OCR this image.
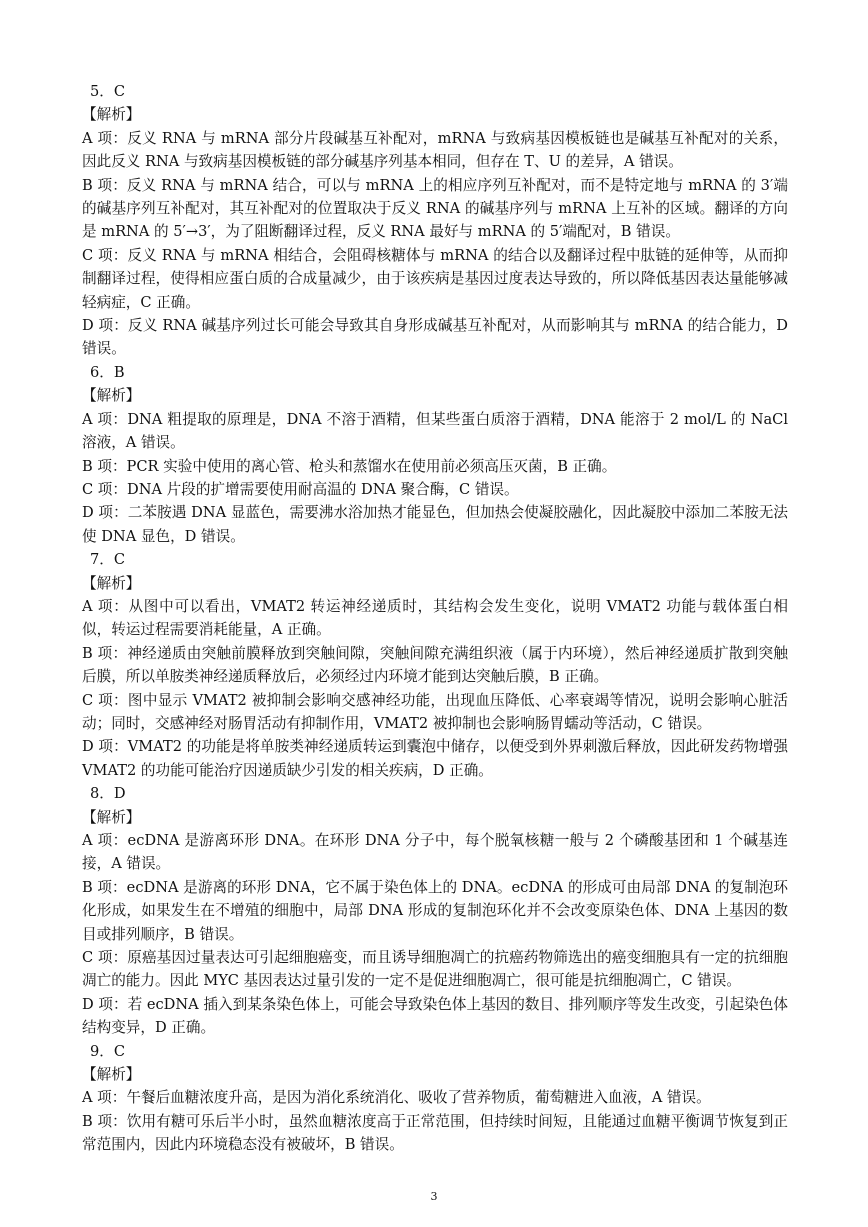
5．C
【解析】
A 项：反义 RNA 与 mRNA 部分片段碱基互补配对，mRNA 与致病基因模板链也是碱基互补配对的关系，因此反义 RNA 与致病基因模板链的部分碱基序列基本相同，但存在 T、U 的差异，A 错误。
B 项：反义 RNA 与 mRNA 结合，可以与 mRNA 上的相应序列互补配对，而不是特定地与 mRNA 的 3′端的碱基序列互补配对，其互补配对的位置取决于反义 RNA 的碱基序列与 mRNA 上互补的区域。翻译的方向是 mRNA 的 5′→3′，为了阻断翻译过程，反义 RNA 最好与 mRNA 的 5′端配对，B 错误。
C 项：反义 RNA 与 mRNA 相结合，会阻碍核糖体与 mRNA 的结合以及翻译过程中肽链的延伸等，从而抑制翻译过程，使得相应蛋白质的合成量减少，由于该疾病是基因过度表达导致的，所以降低基因表达量能够减轻病症，C 正确。
D 项：反义 RNA 碱基序列过长可能会导致其自身形成碱基互补配对，从而影响其与 mRNA 的结合能力，D 错误。
6．B
【解析】
A 项：DNA 粗提取的原理是，DNA 不溶于酒精，但某些蛋白质溶于酒精，DNA 能溶于 2 mol/L 的 NaCl 溶液，A 错误。
B 项：PCR 实验中使用的离心管、枪头和蒸馏水在使用前必须高压灭菌，B 正确。
C 项：DNA 片段的扩增需要使用耐高温的 DNA 聚合酶，C 错误。
D 项：二苯胺遇 DNA 显蓝色，需要沸水浴加热才能显色，但加热会使凝胶融化，因此凝胶中添加二苯胺无法使 DNA 显色，D 错误。
7．C
【解析】
A 项：从图中可以看出，VMAT2 转运神经递质时，其结构会发生变化，说明 VMAT2 功能与载体蛋白相似，转运过程需要消耗能量，A 正确。
B 项：神经递质由突触前膜释放到突触间隙，突触间隙充满组织液（属于内环境），然后神经递质扩散到突触后膜，所以单胺类神经递质释放后，必须经过内环境才能到达突触后膜，B 正确。
C 项：图中显示 VMAT2 被抑制会影响交感神经功能，出现血压降低、心率衰竭等情况，说明会影响心脏活动；同时，交感神经对肠胃活动有抑制作用，VMAT2 被抑制也会影响肠胃蠕动等活动，C 错误。
D 项：VMAT2 的功能是将单胺类神经递质转运到囊泡中储存，以便受到外界刺激后释放，因此研发药物增强 VMAT2 的功能可能治疗因递质缺少引发的相关疾病，D 正确。
8．D
【解析】
A 项：ecDNA 是游离环形 DNA。在环形 DNA 分子中，每个脱氧核糖一般与 2 个磷酸基团和 1 个碱基连接，A 错误。
B 项：ecDNA 是游离的环形 DNA，它不属于染色体上的 DNA。ecDNA 的形成可由局部 DNA 的复制泡环化形成，如果发生在不增殖的细胞中，局部 DNA 形成的复制泡环化并不会改变原染色体、DNA 上基因的数目或排列顺序，B 错误。
C 项：原癌基因过量表达可引起细胞癌变，而且诱导细胞凋亡的抗癌药物筛选出的癌变细胞具有一定的抗细胞凋亡的能力。因此 MYC 基因表达过量引发的一定不是促进细胞凋亡，很可能是抗细胞凋亡，C 错误。
D 项：若 ecDNA 插入到某条染色体上，可能会导致染色体上基因的数目、排列顺序等发生改变，引起染色体结构变异，D 正确。
9．C
【解析】
A 项：午餐后血糖浓度升高，是因为消化系统消化、吸收了营养物质，葡萄糖进入血液，A 错误。
B 项：饮用有糖可乐后半小时，虽然血糖浓度高于正常范围，但持续时间短，且能通过血糖平衡调节恢复到正常范围内，因此内环境稳态没有被破坏，B 错误。
3
